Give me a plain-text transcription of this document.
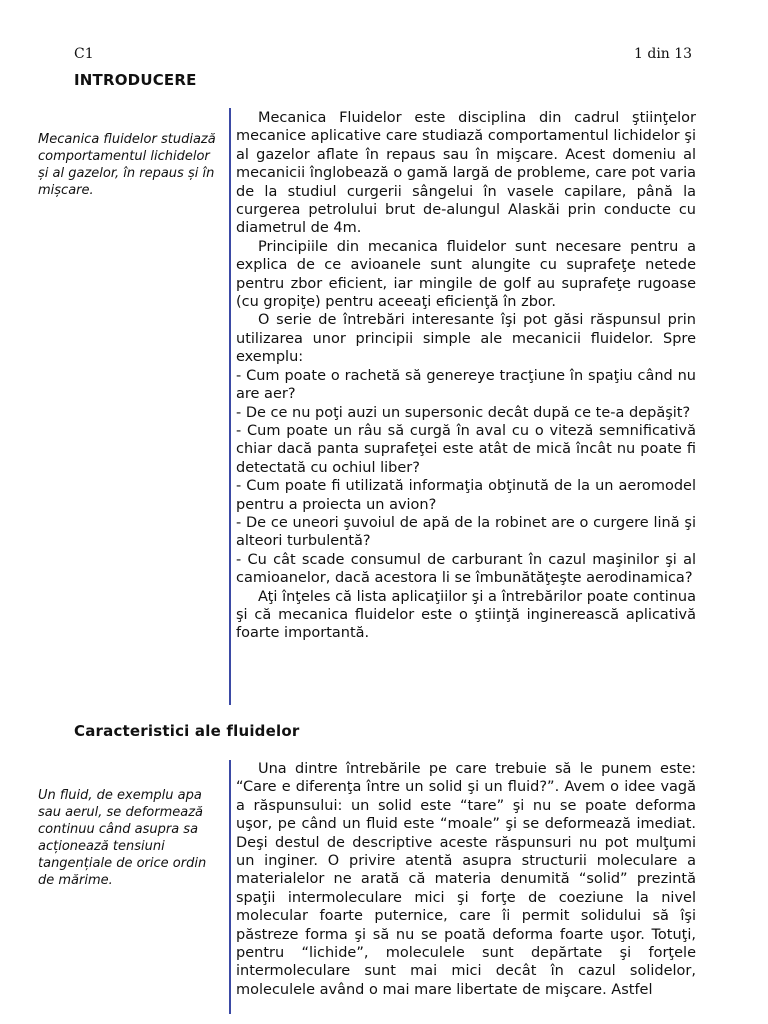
C1	1 din 13
INTRODUCERE
Mecanica fluidelor studiază comportamentul lichidelor și al gazelor, în repaus și în mișcare.

Mecanica Fluidelor este disciplina din cadrul ştiinţelor mecanice aplicative care studiază comportamentul lichidelor şi al gazelor aflate în repaus sau în mişcare. Acest domeniu al mecanicii înglobează o gamă largă de probleme, care pot varia de la studiul curgerii sângelui în vasele capilare, până la curgerea petrolului brut de-alungul Alaskăi prin conducte cu diametrul de 4m.

Principiile din mecanica fluidelor sunt necesare pentru a explica de ce avioanele sunt alungite cu suprafeţe netede pentru zbor eficient, iar mingile de golf au suprafeţe rugoase (cu gropiţe) pentru aceeaţi eficienţă în zbor.

O serie de întrebări interesante îşi pot găsi răspunsul prin utilizarea unor principii simple ale mecanicii fluidelor. Spre exemplu:

- Cum poate o rachetă să genereye tracţiune în spaţiu când nu are aer?

- De ce nu poţi auzi un supersonic decât după ce te-a depăşit?

- Cum poate un râu să curgă în aval cu o viteză semnificativă chiar dacă panta suprafeţei este atât de mică încât nu poate fi detectată cu ochiul liber?

- Cum poate fi utilizată informaţia obţinută de la un aeromodel pentru a proiecta un avion?

- De ce uneori şuvoiul de apă de la robinet are o curgere lină şi alteori turbulentă?

- Cu cât scade consumul de carburant în cazul maşinilor şi al camioanelor, dacă acestora li se îmbunătăţeşte aerodinamica?

Aţi înţeles că lista aplicaţiilor şi a întrebărilor poate continua şi că mecanica fluidelor este o ştiinţă inginerească aplicativă foarte importantă.

Caracteristici ale fluidelor
Un fluid, de exemplu apa sau aerul, se deformează continuu când asupra sa acționează tensiuni tangențiale de orice ordin de mărime.

Una dintre întrebările pe care trebuie să le punem este: “Care e diferenţa între un solid şi un fluid?”. Avem o idee vagă a răspunsului: un solid este “tare” şi nu se poate deforma uşor, pe când un fluid este “moale” şi se deformează imediat. Deşi destul de descriptive aceste răspunsuri nu pot mulţumi un inginer. O privire atentă asupra structurii moleculare a materialelor ne arată că materia denumită “solid” prezintă spaţii intermoleculare mici şi forţe de coeziune la nivel molecular foarte puternice, care îi permit solidului să îşi păstreze forma şi să nu se poată deforma foarte uşor. Totuţi, pentru “lichide”, moleculele sunt depărtate şi forţele intermoleculare sunt mai mici decât în cazul solidelor, moleculele având o mai mare libertate de mişcare. Astfel
